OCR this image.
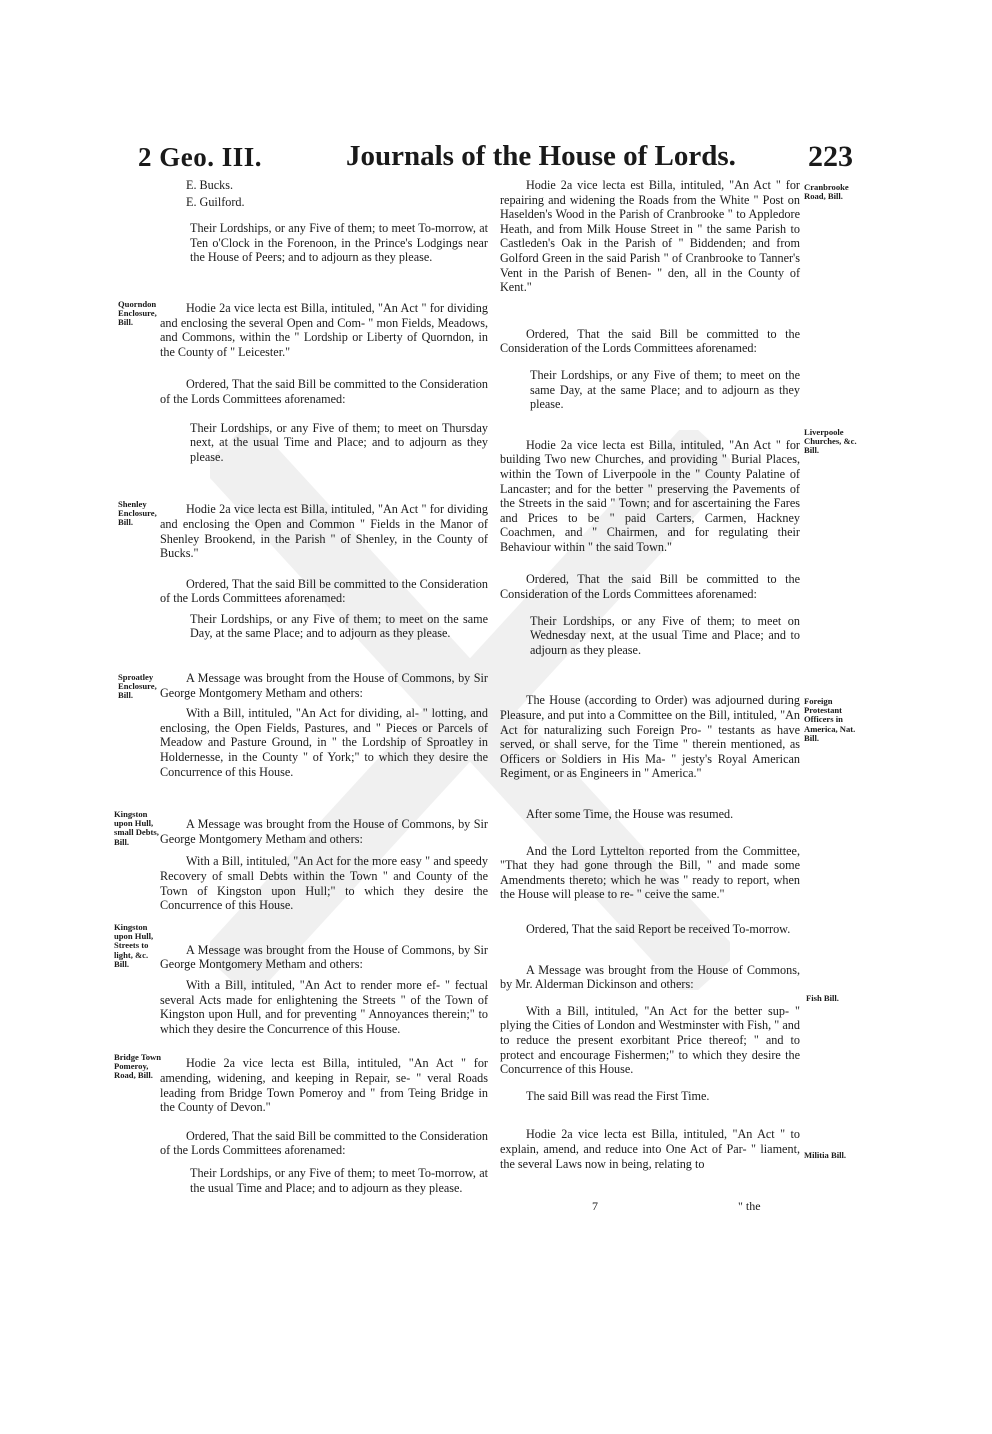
2 Geo. III.	Journals of the House of Lords. 223

E. Bucks.

E. Guilford.

Their Lordships, or any Five of them; to meet To-morrow, at Ten o'Clock in the Forenoon, in the Prince's Lodgings near the House of Peers; and to adjourn as they please.

Hodie 2a vice lecta est Billa, intituled, "An Act " for dividing and enclosing the several Open and Com- " mon Fields, Meadows, and Commons, within the " Lordship or Liberty of Quorndon, in the County of " Leicester."

Ordered, That the said Bill be committed to the Consideration of the Lords Committees aforenamed:

Their Lordships, or any Five of them; to meet on Thursday next, at the usual Time and Place; and to adjourn as they please.

Hodie 2a vice lecta est Billa, intituled, "An Act " for dividing and enclosing the Open and Common " Fields in the Manor of Shenley Brookend, in the Parish " of Shenley, in the County of Bucks."

Ordered, That the said Bill be committed to the Consideration of the Lords Committees aforenamed:

Their Lordships, or any Five of them; to meet on the same Day, at the same Place; and to adjourn as they please.

A Message was brought from the House of Commons, by Sir George Montgomery Metham and others:

With a Bill, intituled, "An Act for dividing, al- " lotting, and enclosing, the Open Fields, Pastures, and " Pieces or Parcels of Meadow and Pasture Ground, in " the Lordship of Sproatley in Holdernesse, in the County " of York;" to which they desire the Concurrence of this House.

A Message was brought from the House of Commons, by Sir George Montgomery Metham and others:

With a Bill, intituled, "An Act for the more easy " and speedy Recovery of small Debts within the Town " and County of the Town of Kingston upon Hull;" to which they desire the Concurrence of this House.

A Message was brought from the House of Commons, by Sir George Montgomery Metham and others:

With a Bill, intituled, "An Act to render more ef- " fectual several Acts made for enlightening the Streets " of the Town of Kingston upon Hull, and for preventing " Annoyances therein;" to which they desire the Concurrence of this House.

Hodie 2a vice lecta est Billa, intituled, "An Act " for amending, widening, and keeping in Repair, se- " veral Roads leading from Bridge Town Pomeroy and " from Teing Bridge in the County of Devon."

Ordered, That the said Bill be committed to the Consideration of the Lords Committees aforenamed:

Their Lordships, or any Five of them; to meet To-morrow, at the usual Time and Place; and to adjourn as they please.

Hodie 2a vice lecta est Billa, intituled, "An Act " for repairing and widening the Roads from the White " Post on Haselden's Wood in the Parish of Cranbrooke " to Appledore Heath, and from Milk House Street in " the same Parish to Castleden's Oak in the Parish of " Biddenden; and from Golford Green in the said Parish " of Cranbrooke to Tanner's Vent in the Parish of Benen- " den, all in the County of Kent."

Ordered, That the said Bill be committed to the Consideration of the Lords Committees aforenamed:

Their Lordships, or any Five of them; to meet on the same Day, at the same Place; and to adjourn as they please.

Hodie 2a vice lecta est Billa, intituled, "An Act " for building Two new Churches, and providing " Burial Places, within the Town of Liverpoole in the " County Palatine of Lancaster; and for the better " preserving the Pavements of the Streets in the said " Town; and for ascertaining the Fares and Prices to be " paid Carters, Carmen, Hackney Coachmen, and " Chairmen, and for regulating their Behaviour within " the said Town."

Ordered, That the said Bill be committed to the Consideration of the Lords Committees aforenamed:

Their Lordships, or any Five of them; to meet on Wednesday next, at the usual Time and Place; and to adjourn as they please.

The House (according to Order) was adjourned during Pleasure, and put into a Committee on the Bill, intituled, "An Act for naturalizing such Foreign Pro- " testants as have served, or shall serve, for the Time " therein mentioned, as Officers or Soldiers in His Ma- " jesty's Royal American Regiment, or as Engineers in " America."

After some Time, the House was resumed.

And the Lord Lyttelton reported from the Committee, "That they had gone through the Bill, " and made some Amendments thereto; which he was " ready to report, when the House will please to re- " ceive the same."

Ordered, That the said Report be received To-morrow.

A Message was brought from the House of Commons, by Mr. Alderman Dickinson and others:

With a Bill, intituled, "An Act for the better sup- " plying the Cities of London and Westminster with Fish, " and to reduce the present exorbitant Price thereof; " and to protect and encourage Fishermen;" to which they desire the Concurrence of this House.

The said Bill was read the First Time.

Hodie 2a vice lecta est Billa, intituled, "An Act " to explain, amend, and reduce into One Act of Par- " liament, the several Laws now in being, relating to

Quorndon Enclosure, Bill.
Shenley Enclosure, Bill.
Sproatley Enclosure, Bill.
Kingston upon Hull, small Debts, Bill.
Kingston upon Hull, Streets to light, &c. Bill.
Bridge Town Pomeroy, Road, Bill.
Cranbrooke Road, Bill.
Liverpoole Churches, &c. Bill.
Foreign Protestant Officers in America, Nat. Bill.
Fish Bill.
Militia Bill.
7	" the
